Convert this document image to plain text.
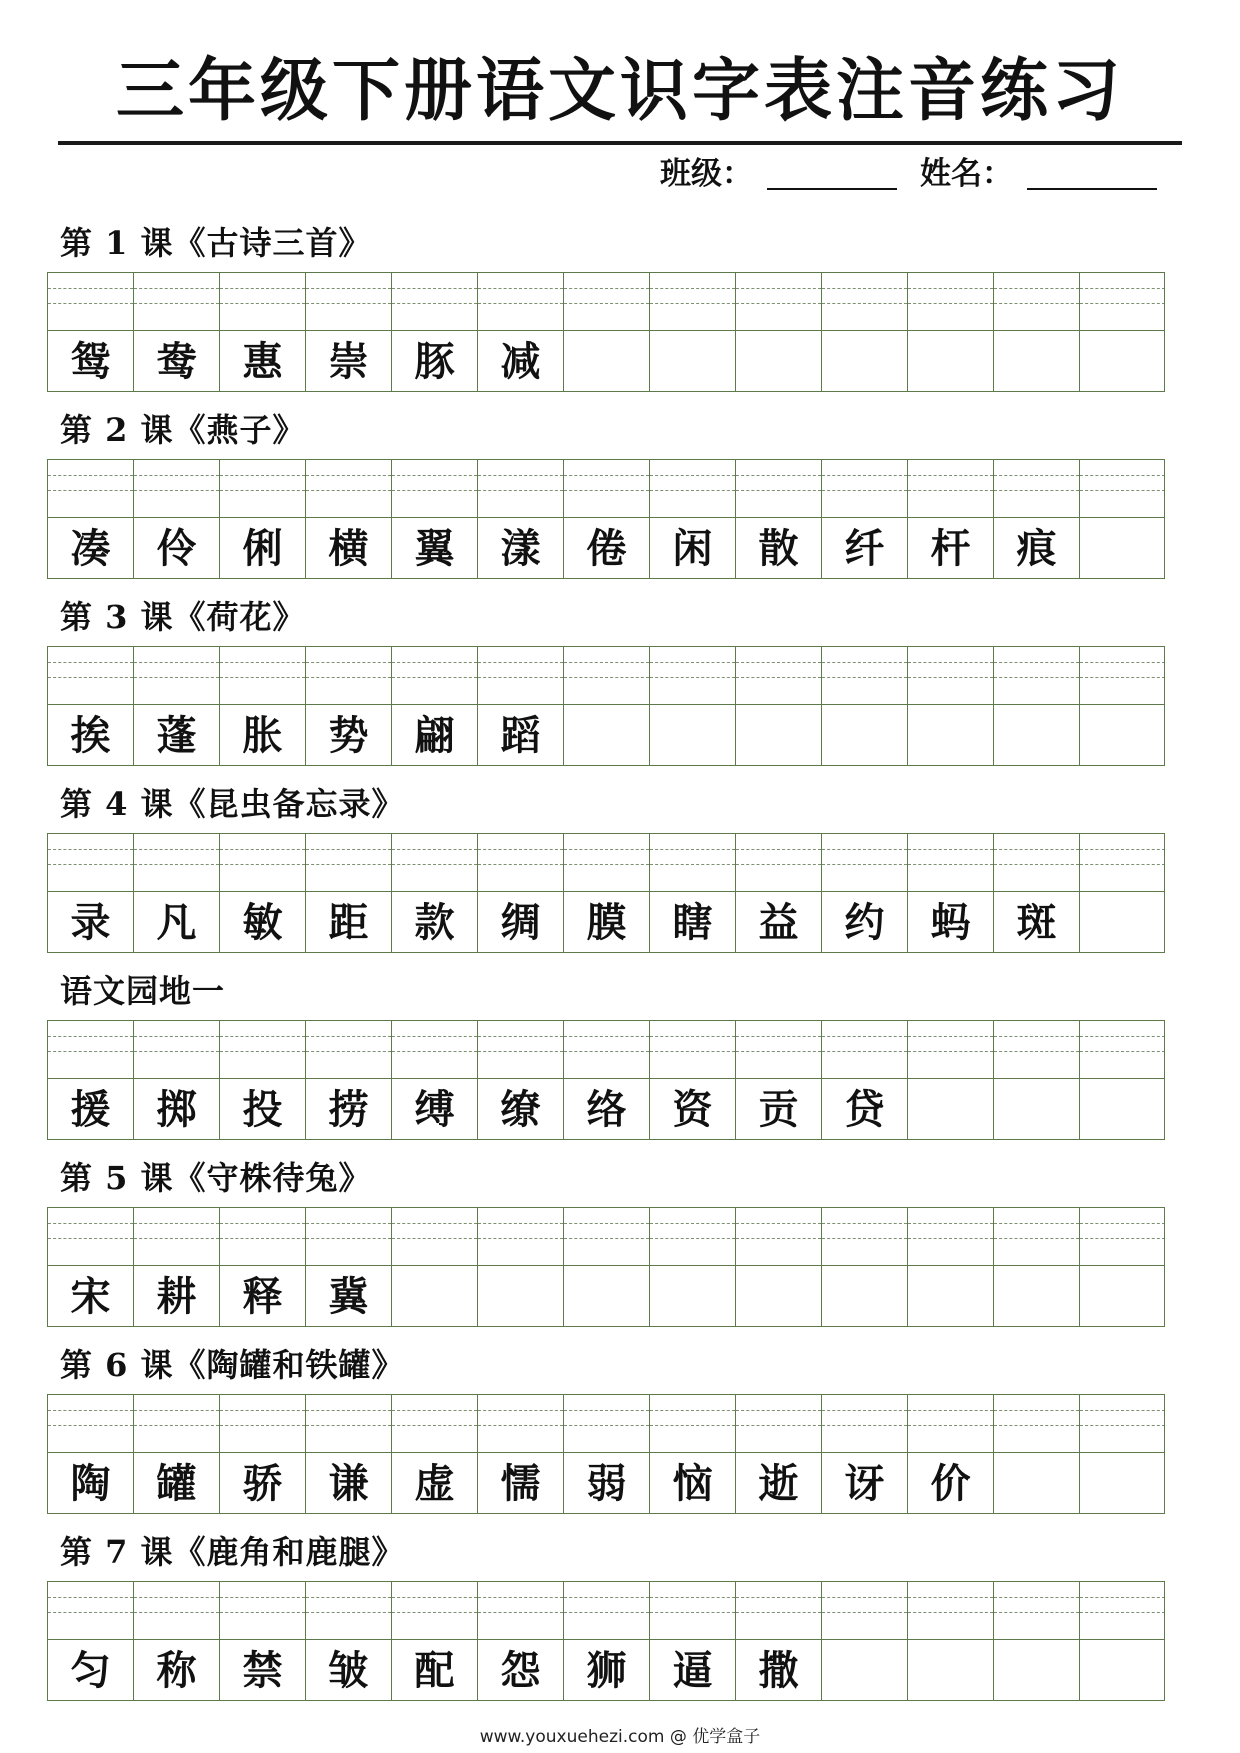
三年级下册语文识字表注音练习
班级：	姓名：
第 1 课《古诗三首》
鸳	鸯	惠	崇	豚	减
第 2 课《燕子》
凑	伶	俐	横	翼	漾	倦	闲	散	纤	杆	痕
第 3 课《荷花》
挨	蓬	胀	势	翩	蹈
第 4 课《昆虫备忘录》
录	凡	敏	距	款	绸	膜	瞎	益	约	蚂	斑
语文园地一
援	掷	投	捞	缚	缭	络	资	贡	贷
第 5 课《守株待兔》
宋	耕	释	冀
第 6 课《陶罐和铁罐》
陶	罐	骄	谦	虚	懦	弱	恼	逝	讶	价
第 7 课《鹿角和鹿腿》
匀	称	禁	皱	配	怨	狮	逼	撒
www.youxuehezi.com @ 优学盒子
